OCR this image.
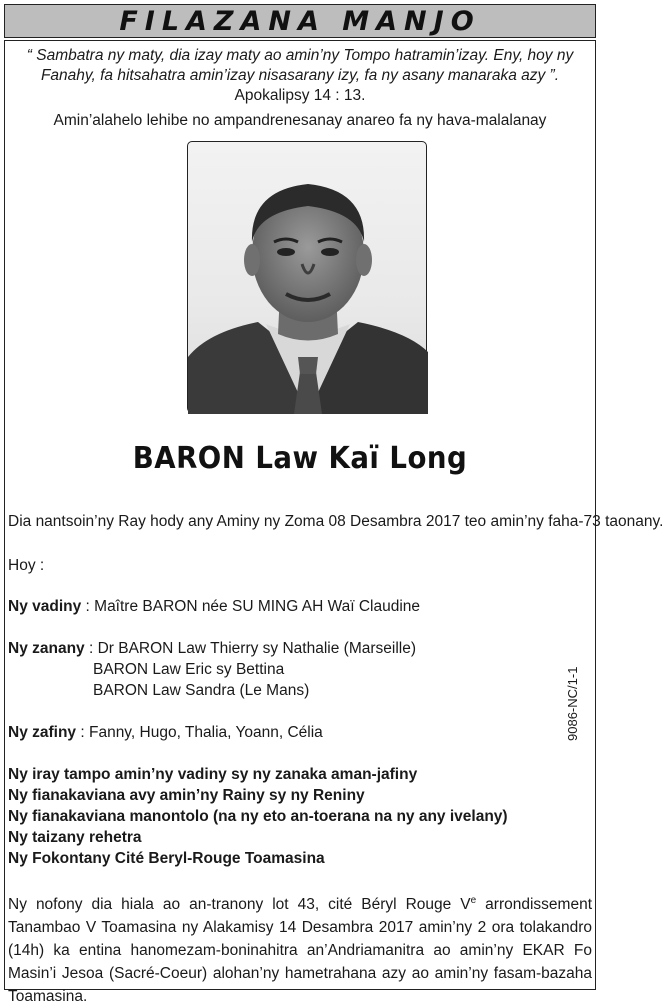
FILAZANA MANJO
“ Sambatra ny maty, dia izay maty ao amin’ny Tompo hatramin’izay. Eny, hoy ny Fanahy, fa hitsahatra amin’izay nisasarany izy, fa ny asany manaraka azy ”. Apokalipsy 14 : 13.
Amin’alahelo lehibe no ampandrenesanay anareo fa ny hava-malalanay
BARON Law Kaï Long
Dia nantsoin’ny Ray hody any Aminy ny Zoma 08 Desambra 2017 teo amin’ny faha-73 taonany.
Hoy :
Ny vadiny : Maître BARON née SU MING AH Waï Claudine
Ny zanany : Dr BARON Law Thierry sy Nathalie (Marseille)
BARON Law Eric sy Bettina
BARON Law Sandra (Le Mans)
Ny zafiny : Fanny, Hugo, Thalia, Yoann, Célia
Ny iray tampo amin’ny vadiny sy ny zanaka aman-jafiny
Ny fianakaviana avy amin’ny Rainy sy ny Reniny
Ny fianakaviana manontolo (na ny eto an-toerana na ny any ivelany)
Ny taizany rehetra
Ny Fokontany Cité Beryl-Rouge Toamasina
Ny nofony dia hiala ao an-tranony lot 43, cité Béryl Rouge Ve arrondissement Tanambao V Toamasina ny Alakamisy 14 Desambra 2017 amin’ny 2 ora tolakandro (14h) ka entina hanomezam-boninahitra an’Andriamanitra ao amin’ny EKAR Fo Masin’i Jesoa (Sacré-Coeur) alohan’ny hametrahana azy ao amin’ny fasam-bazaha Toamasina.
9086-NC/1-1
